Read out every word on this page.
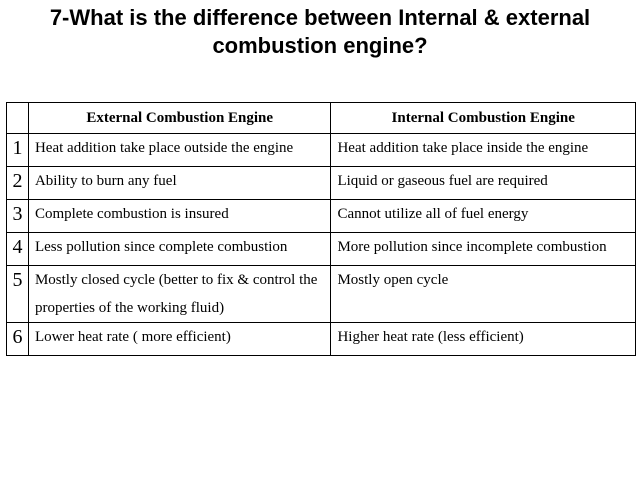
7-What is the difference between Internal & external combustion engine?
	External Combustion Engine	Internal Combustion Engine
1	Heat addition take place outside the engine	Heat addition take place inside the engine
2	Ability to burn any fuel	Liquid or gaseous fuel are required
3	Complete combustion is insured	Cannot utilize all of fuel energy
4	Less pollution since complete combustion	More pollution since incomplete combustion
5	Mostly closed cycle (better to fix & control the properties of the working fluid)	Mostly open cycle
6	Lower heat rate ( more efficient)	Higher heat rate (less efficient)
